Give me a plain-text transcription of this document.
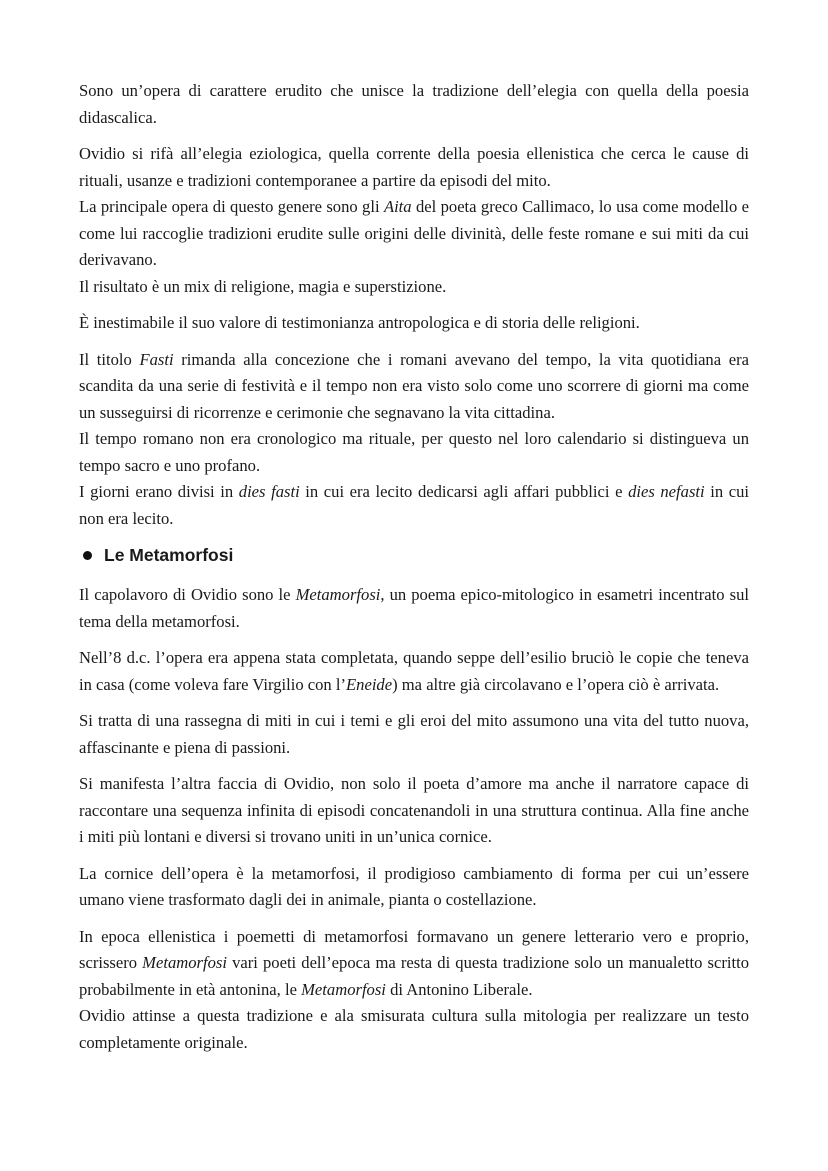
Sono un’opera di carattere erudito che unisce la tradizione dell’elegia con quella della poesia didascalica.

Ovidio si rifà all’elegia eziologica, quella corrente della poesia ellenistica che cerca le cause di rituali, usanze e tradizioni contemporanee a partire da episodi del mito.

La principale opera di questo genere sono gli Aita del poeta greco Callimaco, lo usa come modello e come lui raccoglie tradizioni erudite sulle origini delle divinità, delle feste romane e sui miti da cui derivavano.

Il risultato è un mix di religione, magia e superstizione.

È inestimabile il suo valore di testimonianza antropologica e di storia delle religioni.

Il titolo Fasti rimanda alla concezione che i romani avevano del tempo, la vita quotidiana era scandita da una serie di festività e il tempo non era visto solo come uno scorrere di giorni ma come un susseguirsi di ricorrenze e cerimonie che segnavano la vita cittadina.

Il tempo romano non era cronologico ma rituale, per questo nel loro calendario si distingueva un tempo sacro e uno profano.

I giorni erano divisi in dies fasti in cui era lecito dedicarsi agli affari pubblici e dies nefasti in cui non era lecito.

Le Metamorfosi

Il capolavoro di Ovidio sono le Metamorfosi, un poema epico-mitologico in esametri incentrato sul tema della metamorfosi.

Nell’8 d.c. l’opera era appena stata completata, quando seppe dell’esilio bruciò le copie che teneva in casa (come voleva fare Virgilio con l’Eneide) ma altre già circolavano e l’opera ciò è arrivata.

Si tratta di una rassegna di miti in cui i temi e gli eroi del mito assumono una vita del tutto nuova, affascinante e piena di passioni.

Si manifesta l’altra faccia di Ovidio, non solo il poeta d’amore ma anche il narratore capace di raccontare una sequenza infinita di episodi concatenandoli in una struttura continua. Alla fine anche i miti più lontani e diversi si trovano uniti in un’unica cornice.

La cornice dell’opera è la metamorfosi, il prodigioso cambiamento di forma per cui un’essere umano viene trasformato dagli dei in animale, pianta o costellazione.

In epoca ellenistica i poemetti di metamorfosi formavano un genere letterario vero e proprio, scrissero Metamorfosi vari poeti dell’epoca ma resta di questa tradizione solo un manualetto scritto probabilmente in età antonina, le Metamorfosi di Antonino Liberale.

Ovidio attinse a questa tradizione e ala smisurata cultura sulla mitologia per realizzare un testo completamente originale.
